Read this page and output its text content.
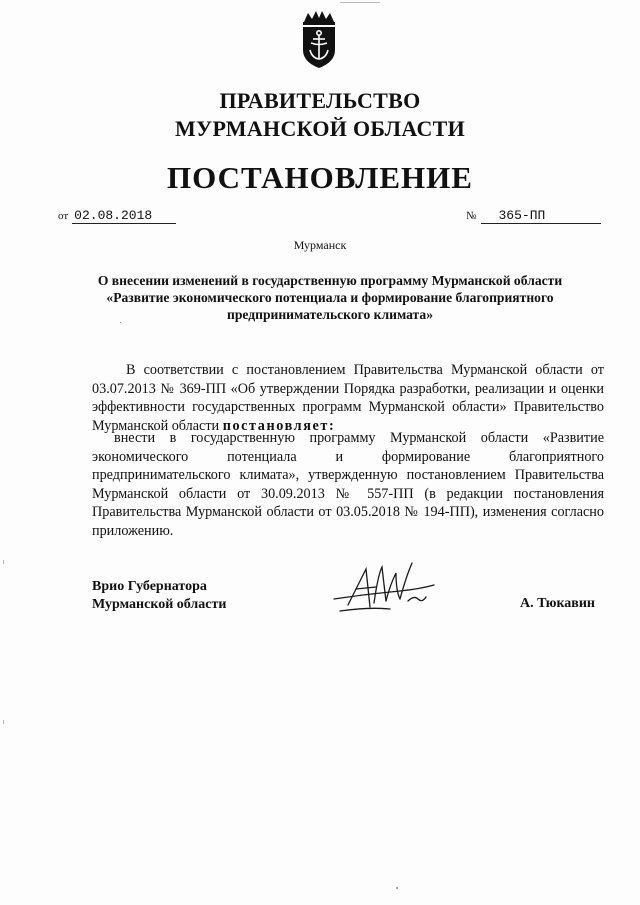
ПРАВИТЕЛЬСТВО
МУРМАНСКОЙ ОБЛАСТИ
ПОСТАНОВЛЕНИЕ
от 02.08.2018	№ 365-ПП
Мурманск
О внесении изменений в государственную программу Мурманской области
«Развитие экономического потенциала и формирование благоприятного
предпринимательского климата»
В соответствии с постановлением Правительства Мурманской области от 03.07.2013 № 369-ПП «Об утверждении Порядка разработки, реализации и оценки эффективности государственных программ Мурманской области» Правительство Мурманской области постановляет:
внести в государственную программу Мурманской области «Развитие экономического потенциала и формирование благоприятного предпринимательского климата», утвержденную постановлением Правительства Мурманской области от 30.09.2013 № 557-ПП (в редакции постановления Правительства Мурманской области от 03.05.2018 № 194-ПП), изменения согласно приложению.
Врио Губернатора
Мурманской области	А. Тюкавин
